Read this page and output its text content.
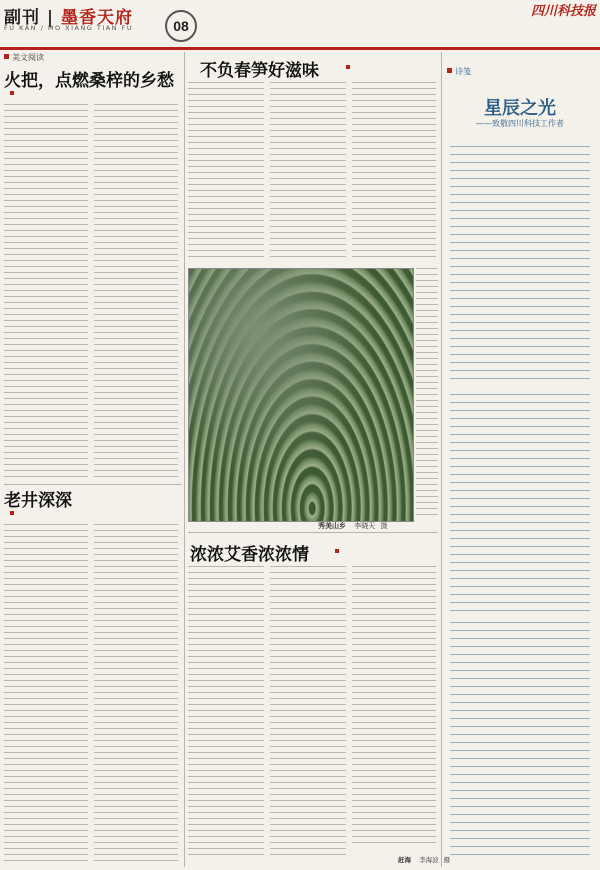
副刊 | 墨香天府
FU KAN / MO XIANG TIAN FU	08
四川科技报
美文阅读
火把，点燃桑梓的乡愁
老井深深
不负春笋好滋味
秀美山乡 李晓天 摄
浓浓艾香浓浓情
赶海 李海波 摄
诗笺
星辰之光
——致敬四川科技工作者
